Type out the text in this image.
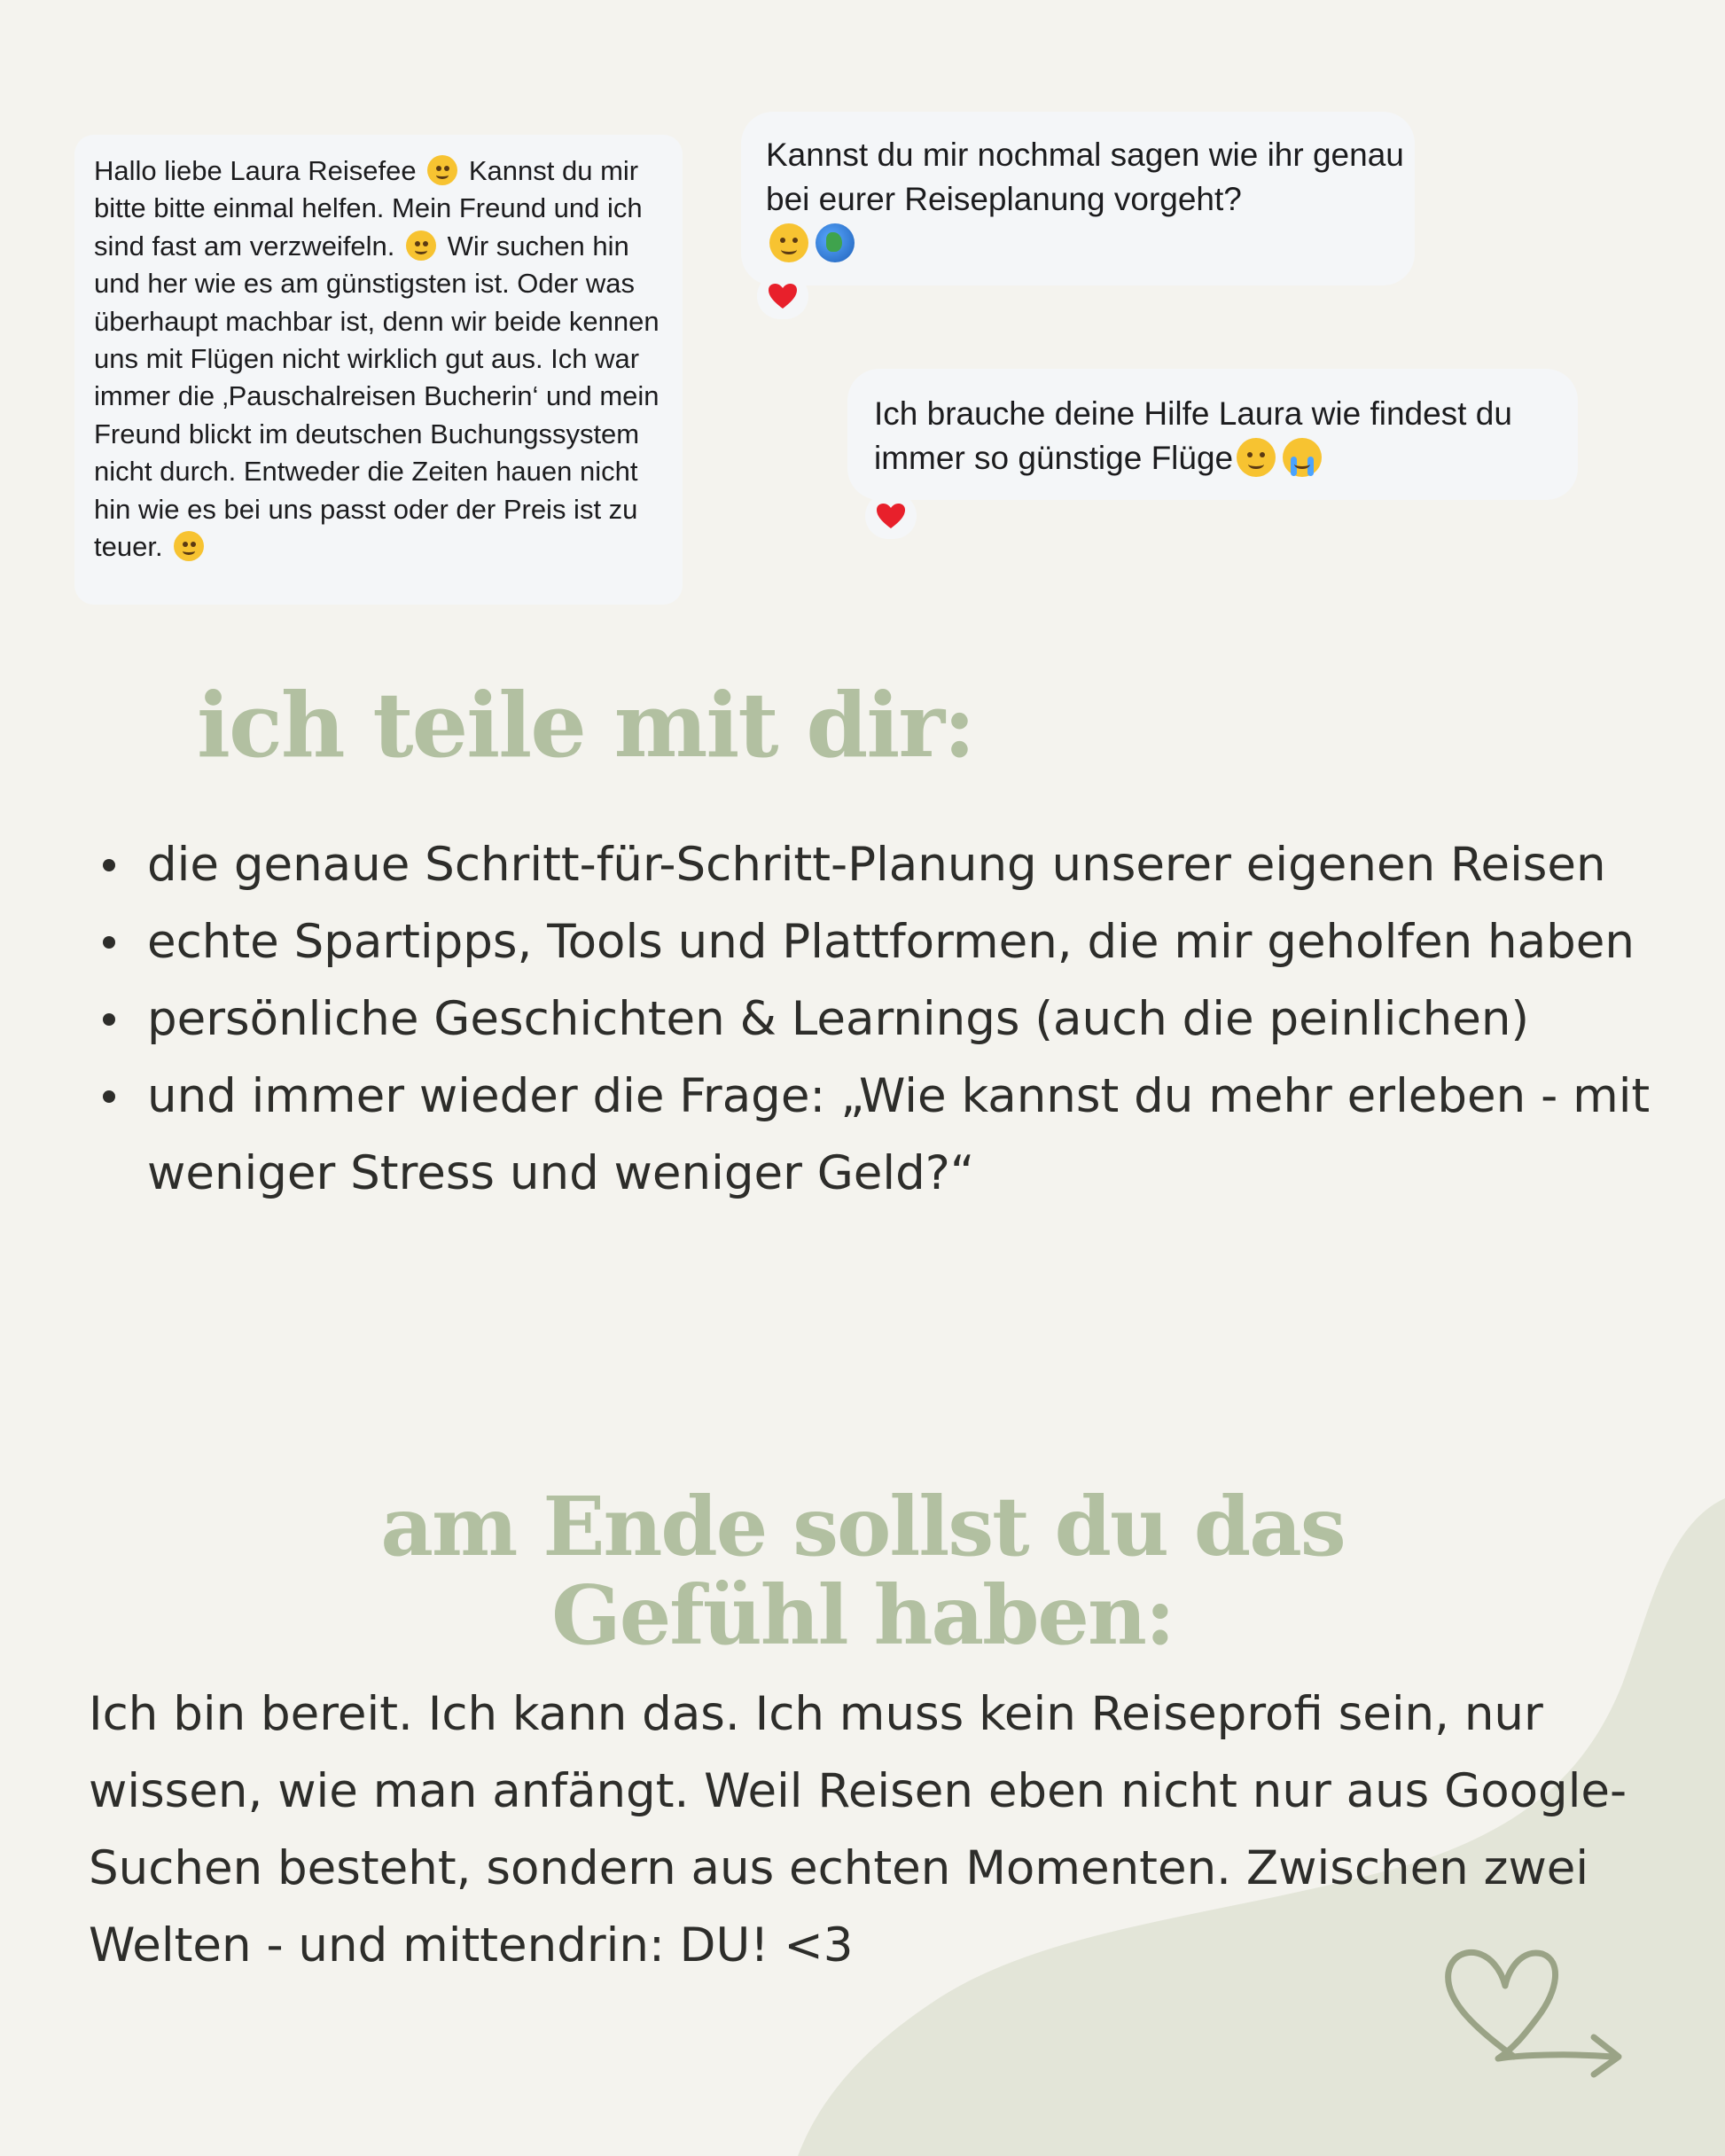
Hallo liebe Laura Reisefee Kannst du mir bitte bitte einmal helfen. Mein Freund und ich sind fast am verzweifeln. Wir suchen hin und her wie es am günstigsten ist. Oder was überhaupt machbar ist, denn wir beide kennen uns mit Flügen nicht wirklich gut aus. Ich war immer die ‚Pauschalreisen Bucherin‘ und mein Freund blickt im deutschen Buchungssystem nicht durch. Entweder die Zeiten hauen nicht hin wie es bei uns passt oder der Preis ist zu teuer.
Kannst du mir nochmal sagen wie ihr genau bei eurer Reiseplanung vorgeht?

Ich brauche deine Hilfe Laura wie findest du immer so günstige Flüge
ich teile mit dir:
die genaue Schritt-für-Schritt-Planung unserer eigenen Reisen
echte Spartipps, Tools und Plattformen, die mir geholfen haben
persönliche Geschichten & Learnings (auch die peinlichen)
und immer wieder die Frage: „Wie kannst du mehr erleben - mit weniger Stress und weniger Geld?“
am Ende sollst du das
Gefühl haben:

Ich bin bereit. Ich kann das. Ich muss kein Reiseprofi sein, nur wissen, wie man anfängt. Weil Reisen eben nicht nur aus Google-Suchen besteht, sondern aus echten Momenten. Zwischen zwei Welten - und mittendrin: DU! <3
